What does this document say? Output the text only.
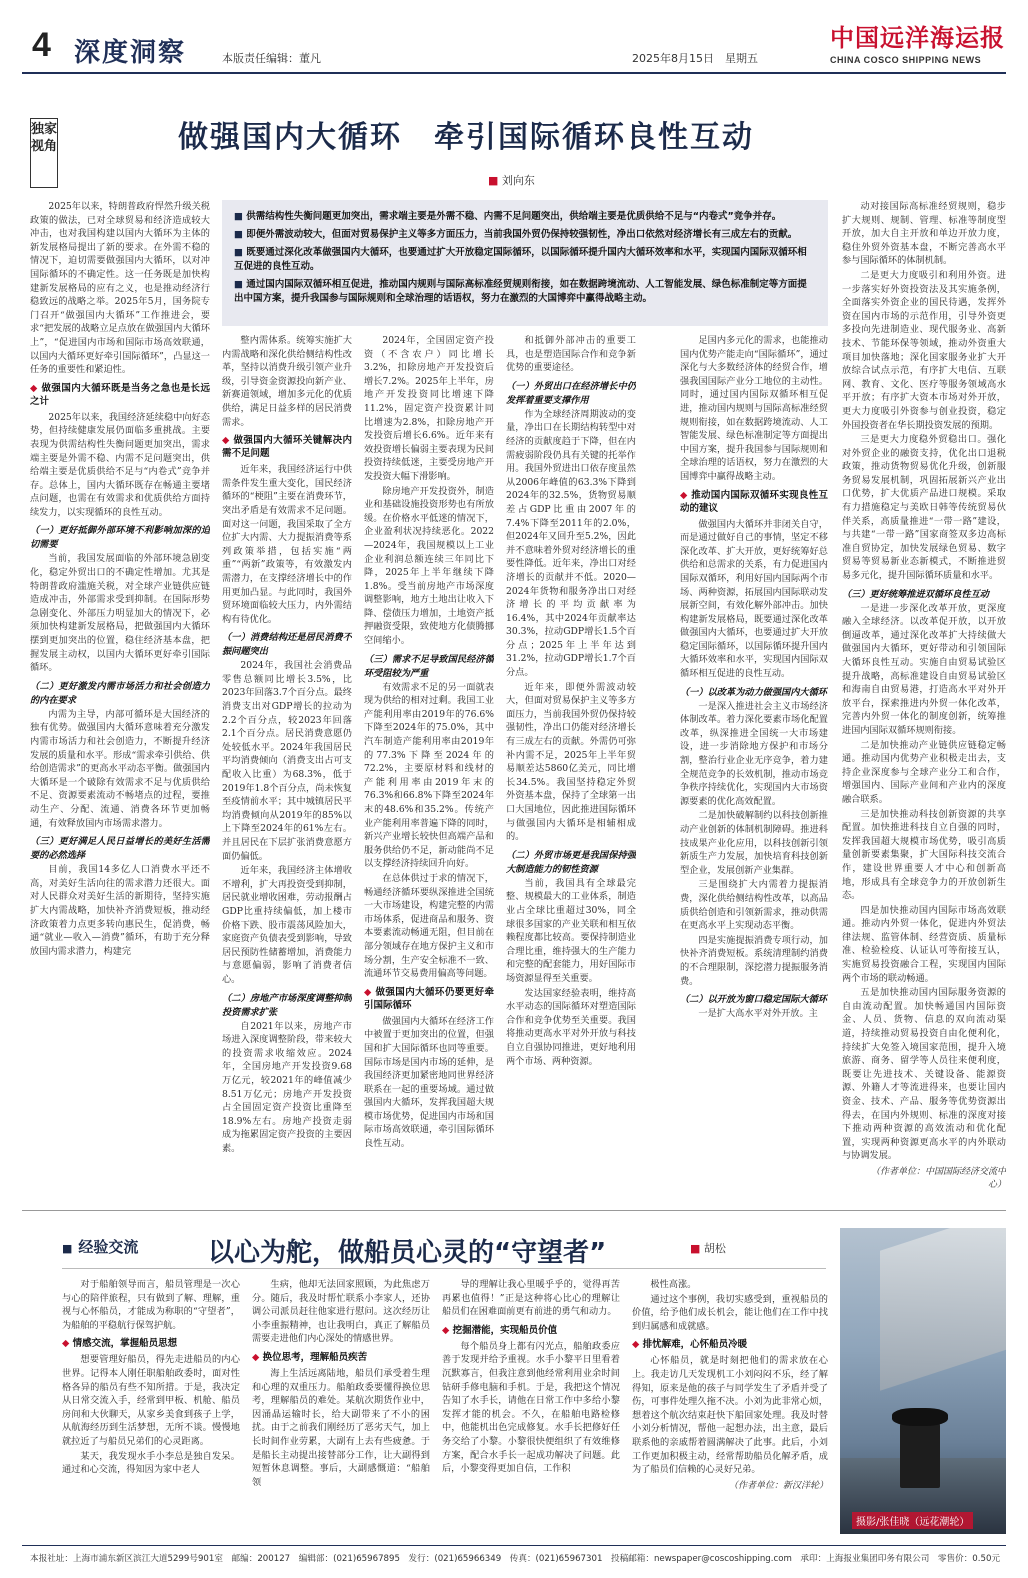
4 深度洞察	本版责任编辑：董凡	2025年8月15日　星期五
中国远洋海运报
CHINA COSCO SHIPPING NEWS
独家视角	做强国内大循环　牵引国际循环良性互动
■ 刘向东

■ 供需结构性失衡问题更加突出，需求端主要是外需不稳、内需不足问题突出，供给端主要是优质供给不足与“内卷式”竞争并存。

■ 即便外需波动较大，但面对贸易保护主义等多方面压力，当前我国外贸仍保持较强韧性，净出口依然对经济增长有三成左右的贡献。

■ 既要通过深化改革做强国内大循环，也要通过扩大开放稳定国际循环，以国际循环提升国内大循环效率和水平，实现国内国际双循环相互促进的良性互动。

■ 通过国内国际双循环相互促进，推动国内规则与国际高标准经贸规则衔接，如在数据跨境流动、人工智能发展、绿色标准制定等方面提出中国方案，提升我国参与国际规则和全球治理的话语权，努力在激烈的大国博弈中赢得战略主动。

2025年以来，特朗普政府悍然升级关税政策的做法，已对全球贸易和经济造成较大冲击，也对我国构建以国内大循环为主体的新发展格局提出了新的要求。在外需不稳的情况下，迫切需要做强国内大循环，以对冲国际循环的不确定性。这一任务既是加快构建新发展格局的应有之义，也是推动经济行稳致远的战略之举。2025年5月，国务院专门召开“做强国内大循环”工作推进会，要求“把发展的战略立足点放在做强国内大循环上”，“促进国内市场和国际市场高效联通，以国内大循环更好牵引国际循环”，凸显这一任务的重要性和紧迫性。

◆ 做强国内大循环既是当务之急也是长远之计

2025年以来，我国经济延续稳中向好态势，但持续健康发展仍面临多重挑战。主要表现为供需结构性失衡问题更加突出，需求端主要是外需不稳、内需不足问题突出，供给端主要是优质供给不足与“内卷式”竞争并存。总体上，国内大循环既存在畅通主要堵点问题，也需在有效需求和优质供给方面持续发力，以实现循环的良性互动。

（一）更好抵御外部环境不利影响加深的迫切需要

当前，我国发展面临的外部环境急剧变化，稳定外贸出口的不确定性增加。尤其是特朗普政府滥施关税，对全球产业链供应链造成冲击，外部需求受到抑制。在国际形势急剧变化、外部压力明显加大的情况下，必须加快构建新发展格局，把做强国内大循环摆到更加突出的位置，稳住经济基本盘，把握发展主动权，以国内大循环更好牵引国际循环。

（二）更好激发内需市场活力和社会创造力的内在要求

内需为主导，内部可循环是大国经济的独有优势。做强国内大循环意味着充分激发内需市场活力和社会创造力，不断提升经济发展的质量和水平。形成“需求牵引供给、供给创造需求”的更高水平动态平衡。做强国内大循环是一个破除有效需求不足与优质供给不足、资源要素流动不畅堵点的过程，要推动生产、分配、流通、消费各环节更加畅通，有效释放国内市场需求潜力。

（三）更好满足人民日益增长的美好生活需要的必然选择

目前，我国14多亿人口消费水平还不高，对美好生活向往的需求潜力还很大。面对人民群众对美好生活的新期待，坚持实施扩大内需战略，加快补齐消费短板，推动经济政策着力点更多转向惠民生，促消费，畅通“就业—收入—消费”循环，有助于充分释放国内需求潜力，构建完

整内需体系。统筹实施扩大内需战略和深化供给侧结构性改革，坚持以消费升级引领产业升级，引导资金资源投向新产业、新赛道领域，增加多元化的优质供给，满足日益多样的居民消费需求。

◆ 做强国内大循环关键解决内需不足问题

近年来，我国经济运行中供需条件发生重大变化，国民经济循环的“梗阻”主要在消费环节，突出矛盾是有效需求不足问题。面对这一问题，我国采取了全方位扩大内需、大力提振消费等系列政策举措，包括实施“两重”“两新”政策等，有效激发内需潜力，在支撑经济增长中的作用更加凸显。与此同时，我国外贸环境面临较大压力，内外需结构有待优化。

（一）消费结构还是居民消费不振问题突出

2024年，我国社会消费品零售总额同比增长3.5%，比2023年回落3.7个百分点。最终消费支出对GDP增长的拉动为2.2个百分点，较2023年回落2.1个百分点。居民消费意愿仍处较低水平。2024年我国居民平均消费倾向（消费支出占可支配收入比重）为68.3%，低于2019年1.8个百分点，尚未恢复至疫情前水平；其中城镇居民平均消费倾向从2019年的85%以上下降至2024年的61%左右。并且居民在下层扩张消费意愿方面仍偏低。

近年来，我国经济主体增收不增利，扩大再投资受到抑制，居民就业增收困难，劳动报酬占GDP比重持续偏低，加上楼市价格下跌、股市震荡风险加大，家庭资产负债表受到影响，导致居民预防性储蓄增加，消费能力与意愿偏弱，影响了消费者信心。

（二）房地产市场深度调整抑制投资需求扩张

自2021年以来，房地产市场进入深度调整阶段，带来较大的投资需求收缩效应。2024年，全国房地产开发投资9.68万亿元，较2021年的峰值减少8.51万亿元；房地产开发投资占全国固定资产投资比重降至18.9%左右。房地产投资走弱成为拖累固定资产投资的主要因素。

2024年，全国固定资产投资（不含农户）同比增长3.2%，扣除房地产开发投资后增长7.2%。2025年上半年，房地产开发投资同比增速下降11.2%，固定资产投资累计同比增速为2.8%，扣除房地产开发投资后增长6.6%。近年来有效投资增长偏弱主要表现为民间投资持续低迷，主要受房地产开发投资大幅下滑影响。

除房地产开发投资外，制造业和基础设施投资形势也有所放缓。在价格水平低迷的情况下，企业盈利状况持续恶化。2022—2024年，我国规模以上工业企业利润总额连续三年同比下降，2025年上半年继续下降1.8%。受当前房地产市场深度调整影响，地方土地出让收入下降、偿债压力增加，土地资产抵押融资受限，致使地方化债腾挪空间缩小。

（三）需求不足导致国民经济循环受阻较为严重

有效需求不足的另一面就表现为供给的相对过剩。我国工业产能利用率由2019年的76.6%下降至2024年的75.0%，其中汽车制造产能利用率由2019年的77.3%下降至2024年的72.2%，主要原材料和线材的产能利用率由2019年末的76.3%和66.8%下降至2024年末的48.6%和35.2%。传统产业产能利用率普遍下降的同时，新兴产业增长较快但高端产品和服务供给仍不足，新动能尚不足以支撑经济持续回升向好。

在总体供过于求的情况下，畅通经济循环要纵深推进全国统一大市场建设，构建完整的内需市场体系，促进商品和服务、资本要素流动畅通无阻，但目前在部分领域存在地方保护主义和市场分割，生产安全标准不一致、流通环节交易费用偏高等问题。

◆ 做强国内大循环仍要更好牵引国际循环

做强国内大循环在经济工作中被置于更加突出的位置，但强国和扩大国际循环也同等重要。国际市场是国内市场的延伸，是我国经济更加紧密地同世界经济联系在一起的重要场域。通过做强国内大循环，发挥我国超大规模市场优势，促进国内市场和国际市场高效联通，牵引国际循环良性互动。

和抵御外部冲击的重要工具，也是塑造国际合作和竞争新优势的重要途径。

（一）外贸出口在经济增长中仍发挥着重要支撑作用

作为全球经济周期波动的变量，净出口在长期结构转型中对经济的贡献度趋于下降，但在内需疲弱阶段仍具有关键的托举作用。我国外贸进出口依存度虽然从2006年峰值的63.3%下降到2024年的32.5%，货物贸易顺差占GDP比重由2007年的7.4%下降至2011年的2.0%，但2024年又回升至5.2%，因此并不意味着外贸对经济增长的重要性降低。近年来，净出口对经济增长的贡献并不低。2020—2024年货物和服务净出口对经济增长的平均贡献率为16.4%，其中2024年贡献率达30.3%，拉动GDP增长1.5个百分点；2025年上半年达到31.2%，拉动GDP增长1.7个百分点。

近年来，即便外需波动较大，但面对贸易保护主义等多方面压力，当前我国外贸仍保持较强韧性，净出口仍能对经济增长有三成左右的贡献。外需仍可弥补内需不足，2025年上半年贸易顺差达5860亿美元，同比增长34.5%。我国坚持稳定外贸外资基本盘，保持了全球第一出口大国地位，因此推进国际循环与做强国内大循环是相辅相成的。

（二）外贸市场更是我国保持强大制造能力的韧性资源

当前，我国具有全球最完整、规模最大的工业体系，制造业占全球比重超过30%，同全球很多国家的产业关联和相互依赖程度都比较高。要保持制造业合理比重，维持强大的生产能力和完整的配套能力，用好国际市场资源显得至关重要。

发达国家经验表明，维持高水平动态的国际循环对塑造国际合作和竞争优势至关重要。我国将推动更高水平对外开放与科技自立自强协同推进，更好地利用两个市场、两种资源。

足国内多元化的需求，也能推动国内优势产能走向“国际循环”，通过深化与大多数经济体的经贸合作，增强我国国际产业分工地位的主动性。同时，通过国内国际双循环相互促进，推动国内规则与国际高标准经贸规则衔接，如在数据跨境流动、人工智能发展、绿色标准制定等方面提出中国方案，提升我国参与国际规则和全球治理的话语权，努力在激烈的大国博弈中赢得战略主动。

◆ 推动国内国际双循环实现良性互动的建议

做强国内大循环并非闭关自守，而是通过做好自己的事情，坚定不移深化改革、扩大开放，更好统筹好总供给和总需求的关系，有力促进国内国际双循环，利用好国内国际两个市场、两种资源，拓展国内国际联动发展新空间，有效化解外部冲击。加快构建新发展格局，既要通过深化改革做强国内大循环，也要通过扩大开放稳定国际循环，以国际循环提升国内大循环效率和水平，实现国内国际双循环相互促进的良性互动。

（一）以改革为动力做强国内大循环

一是深入推进社会主义市场经济体制改革。着力深化要素市场化配置改革，纵深推进全国统一大市场建设，进一步消除地方保护和市场分割，整治行业企业无序竞争，着力建全规范竞争的长效机制，推动市场竞争秩序持续优化，实现国内大市场资源要素的优化高效配置。

二是加快破解制约以科技创新推动产业创新的体制机制障碍。推进科技成果产业化应用，以科技创新引领新质生产力发展，加快培育科技创新型企业，发展创新产业集群。

三是围绕扩大内需着力提振消费，深化供给侧结构性改革，以高品质供给创造和引领新需求，推动供需在更高水平上实现动态平衡。

四是实施提振消费专项行动，加快补齐消费短板。系统清理制约消费的不合理限制，深挖潜力提振服务消费。

（二）以开放为窗口稳定国际大循环

一是扩大高水平对外开放。主

动对接国际高标准经贸规则，稳步扩大规则、规制、管理、标准等制度型开放，加大自主开放和单边开放力度，稳住外贸外资基本盘，不断完善高水平参与国际循环的体制机制。

二是更大力度吸引和利用外资。进一步落实好外资投资法及其实施条例，全面落实外资企业的国民待遇，发挥外资在国内市场的示范作用，引导外资更多投向先进制造业、现代服务业、高新技术、节能环保等领域，推动外资重大项目加快落地；深化国家服务业扩大开放综合试点示范，有序扩大电信、互联网、教育、文化、医疗等服务领域高水平开放；有序扩大资本市场对外开放，更大力度吸引外资参与创业投资，稳定外国投资者在华长期投资发展的预期。

三是更大力度稳外贸稳出口。强化对外贸企业的融资支持，优化出口退税政策，推动货物贸易优化升级，创新服务贸易发展机制，巩固拓展新兴产业出口优势，扩大优质产品进口规模。采取有力措施稳定与美欧日韩等传统贸易伙伴关系，高质量推进“一带一路”建设，与共建“一带一路”国家商签双多边高标准自贸协定，加快发展绿色贸易、数字贸易等贸易新业态新模式，不断推进贸易多元化，提升国际循环质量和水平。

（三）更好统筹推进双循环良性互动

一是进一步深化改革开放，更深度融入全球经济。以改革促开放，以开放倒逼改革，通过深化改革扩大持续做大做强国内大循环，更好带动和引领国际大循环良性互动。实施自由贸易试验区提升战略，高标准建设自由贸易试验区和海南自由贸易港，打造高水平对外开放平台，探索推进内外贸一体化改革，完善内外贸一体化的制度创新，统筹推进国内国际双循环规则衔接。

二是加快推动产业链供应链稳定畅通。推动国内优势产业积极走出去，支持企业深度参与全球产业分工和合作，增强国内、国际产业间和产业内的深度融合联系。

三是加快推动科技创新资源的共享配置。加快推进科技自立自强的同时，发挥我国超大规模市场优势，吸引高质量创新要素集聚，扩大国际科技交流合作，建设世界重要人才中心和创新高地，形成具有全球竞争力的开放创新生态。

四是加快推动国内国际市场高效联通。推动内外贸一体化，促进内外贸法律法规、监管体制、经营资质、质量标准、检验检疫、认证认可等衔接互认，实施贸易投资融合工程，实现国内国际两个市场的联动畅通。

五是加快推动国内国际服务资源的自由流动配置。加快畅通国内国际资金、人员、货物、信息的双向流动渠道，持续推动贸易投资自由化便利化，持续扩大免签入境国家范围，提升入境旅游、商务、留学等人员往来便利度，既要让先进技术、关键设备、能源资源、外籍人才等流进得来，也要让国内资金、技术、产品、服务等优势资源出得去，在国内外规则、标准的深度对接下推动两种资源的高效流动和优化配置，实现两种资源更高水平的内外联动与协调发展。

（作者单位：中国国际经济交流中心）

■ 经验交流	以心为舵，做船员心灵的“守望者”
■	胡松

对于船舶领导而言，船员管理是一次心与心的陪伴旅程，只有做到了解、理解，重视与心怀船员，才能成为称职的“守望者”，为船舶的平稳航行保驾护航。

◆ 情感交流，掌握船员思想

想要管理好船员，得先走进船员的内心世界。记得本人刚任职船舶政委时，面对性格各异的船员有些不知所措。于是，我决定从日常交流入手，经常到甲板、机舱、船员房间和大伙聊天，从家乡美食到孩子上学，从航海经历到生活梦想，无所不谈。慢慢地就拉近了与船员兄弟们的心灵距离。

某天，我发现水手小李总是独自发呆。通过和心交流，得知因为家中老人

生病，他却无法回家照顾，为此焦虑万分。随后，我及时帮忙联系小李家人，还协调公司派员赶往他家进行慰问。这次经历让小李重振精神，也让我明白，真正了解船员需要走进他们内心深处的情感世界。

◆ 换位思考，理解船员疾苦

海上生活远离陆地，船员们承受着生理和心理的双重压力。船舶政委要懂得换位思考，理解船员的难处。某航次期货作业中，因涌晶运输时长，给大副带来了不小的困扰。由于之前我们刚经历了恶劣天气，加上长时间作业劳累，大副有上去有些疲惫。于是船长主动提出接替部分工作，让大副得到短暂休息调整。事后，大副感慨道：“船舶领

导的理解让我心里暖乎乎的，觉得再苦再累也值得！”正是这种将心比心的理解让船员们在困难面前更有前进的勇气和动力。

◆ 挖掘潜能，实现船员价值

每个船员身上都有闪光点，船舶政委应善于发现并给予重视。水手小黎平日里看着沉默寡言，但我注意到他经常利用业余时间钻研手修电脑和手机。于是，我把这个情况告知了水手长，请他在日常工作中多给小黎发挥才能的机会。不久，在船舶电路检修中，他能机出色完成修复。水手长把修好任务交给了小黎。小黎很快便组织了有效维修方案，配合水手长一起成功解决了问题。此后，小黎变得更加自信，工作积

极性高涨。

通过这个事例，我切实感受到，重视船员的价值，给予他们成长机会，能让他们在工作中找到归属感和成就感。

◆ 排忧解难，心怀船员冷暖

心怀船员，就是时刻把他们的需求放在心上。我走访几天发现机工小刘闷闷不乐，经了解得知，原来是他的孩子与同学发生了矛盾并受了伤，可事件处理久拖不决。小刘为此非常心烦，想着这个航次结束赶快下船回家处理。我及时替小刘分析情况，帮他一起想办法，出主意，最后联系他的亲戚帮着圆满解决了此事。此后，小刘工作更加积极主动，经常帮助船员化解矛盾，成为了船员们信赖的心灵好兄弟。

（作者单位：新汉洋轮）

摄影/张佳晓（远花潮轮）
本报社址：上海市浦东新区滨江大道5299号901室　邮编：200127　编辑部：(021)65967895　发行：(021)65966349　传真：(021)65967301　投稿邮箱：newspaper@coscoshipping.com　承印：上海报业集团印务有限公司　零售价：0.50元
